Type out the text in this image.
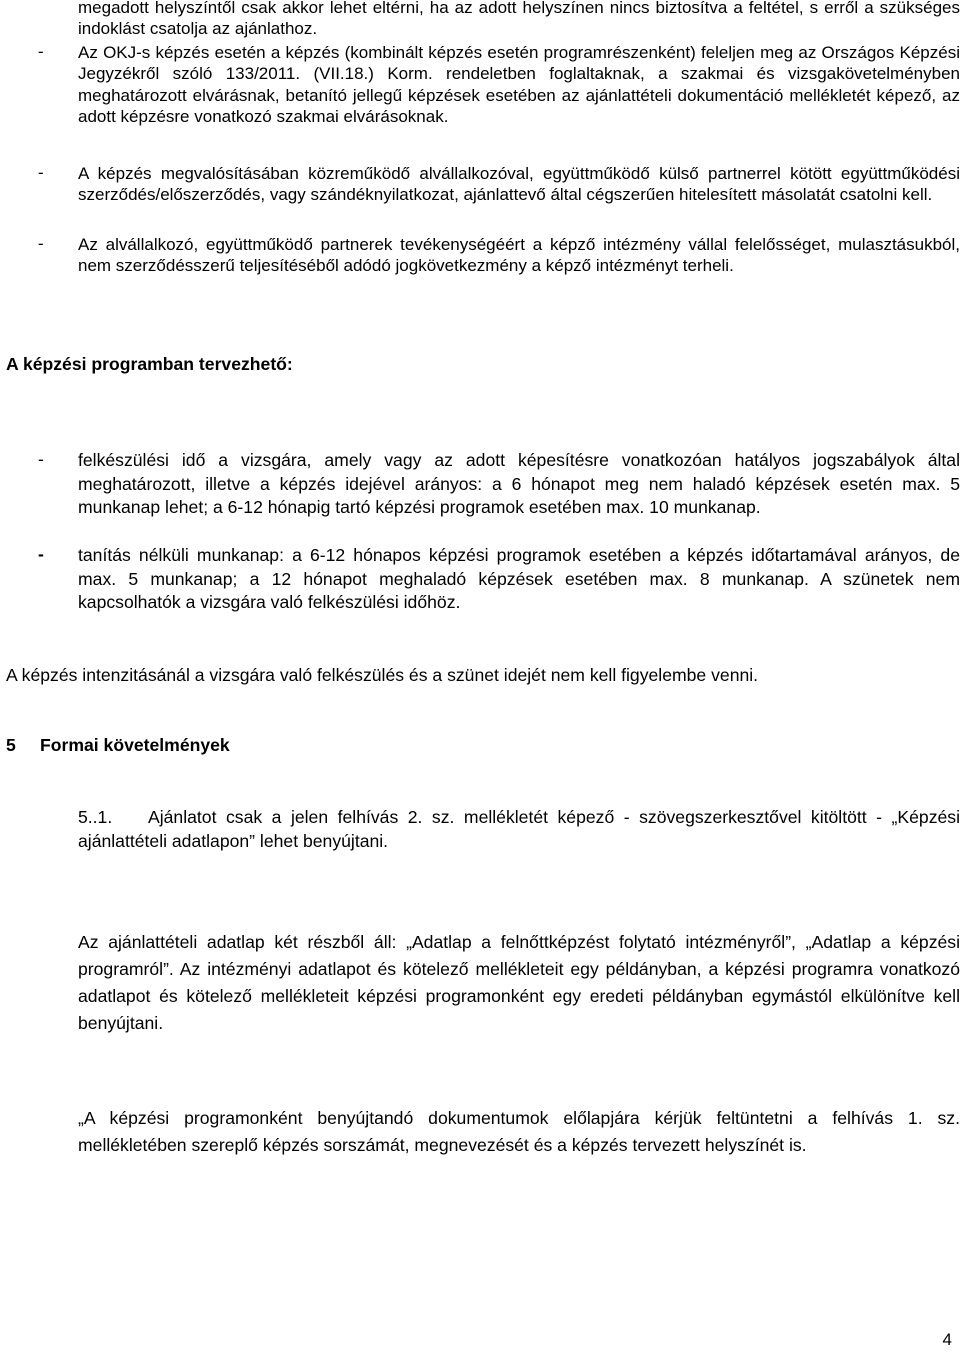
megadott helyszíntől csak akkor lehet eltérni, ha az adott helyszínen nincs biztosítva a feltétel, s erről a szükséges indoklást csatolja az ajánlathoz.
- Az OKJ-s képzés esetén a képzés (kombinált képzés esetén programrészenként) feleljen meg az Országos Képzési Jegyzékről szóló 133/2011. (VII.18.) Korm. rendeletben foglaltaknak, a szakmai és vizsgakövetelményben meghatározott elvárásnak, betanító jellegű képzések esetében az ajánlattételi dokumentáció mellékletét képező, az adott képzésre vonatkozó szakmai elvárásoknak.
- A képzés megvalósításában közreműködő alvállalkozóval, együttműködő külső partnerrel kötött együttműködési szerződés/előszerződés, vagy szándéknyilatkozat, ajánlattevő által cégszerűen hitelesített másolatát csatolni kell.
- Az alvállalkozó, együttműködő partnerek tevékenységéért a képző intézmény vállal felelősséget, mulasztásukból, nem szerződésszerű teljesítéséből adódó jogkövetkezmény a képző intézményt terheli.
A képzési programban tervezhető:
- felkészülési idő a vizsgára, amely vagy az adott képesítésre vonatkozóan hatályos jogszabályok által meghatározott, illetve a képzés idejével arányos: a 6 hónapot meg nem haladó képzések esetén max. 5 munkanap lehet; a 6-12 hónapig tartó képzési programok esetében max. 10 munkanap.
- tanítás nélküli munkanap: a 6-12 hónapos képzési programok esetében a képzés időtartamával arányos, de max. 5 munkanap; a 12 hónapot meghaladó képzések esetében max. 8 munkanap. A szünetek nem kapcsolhatók a vizsgára való felkészülési időhöz.
A képzés intenzitásánál a vizsgára való felkészülés és a szünet idejét nem kell figyelembe venni.
5 Formai követelmények
5..1.	Ajánlatot csak a jelen felhívás 2. sz. mellékletét képező - szövegszerkesztővel kitöltött - „Képzési ajánlattételi adatlapon” lehet benyújtani.
Az ajánlattételi adatlap két részből áll: „Adatlap a felnőttképzést folytató intézményről”, „Adatlap a képzési programról”. Az intézményi adatlapot és kötelező mellékleteit egy példányban, a képzési programra vonatkozó adatlapot és kötelező mellékleteit képzési programonként egy eredeti példányban egymástól elkülönítve kell benyújtani.
„A képzési programonként benyújtandó dokumentumok előlapjára kérjük feltüntetni a felhívás 1. sz. mellékletében szereplő képzés sorszámát, megnevezését és a képzés tervezett helyszínét is.
4
